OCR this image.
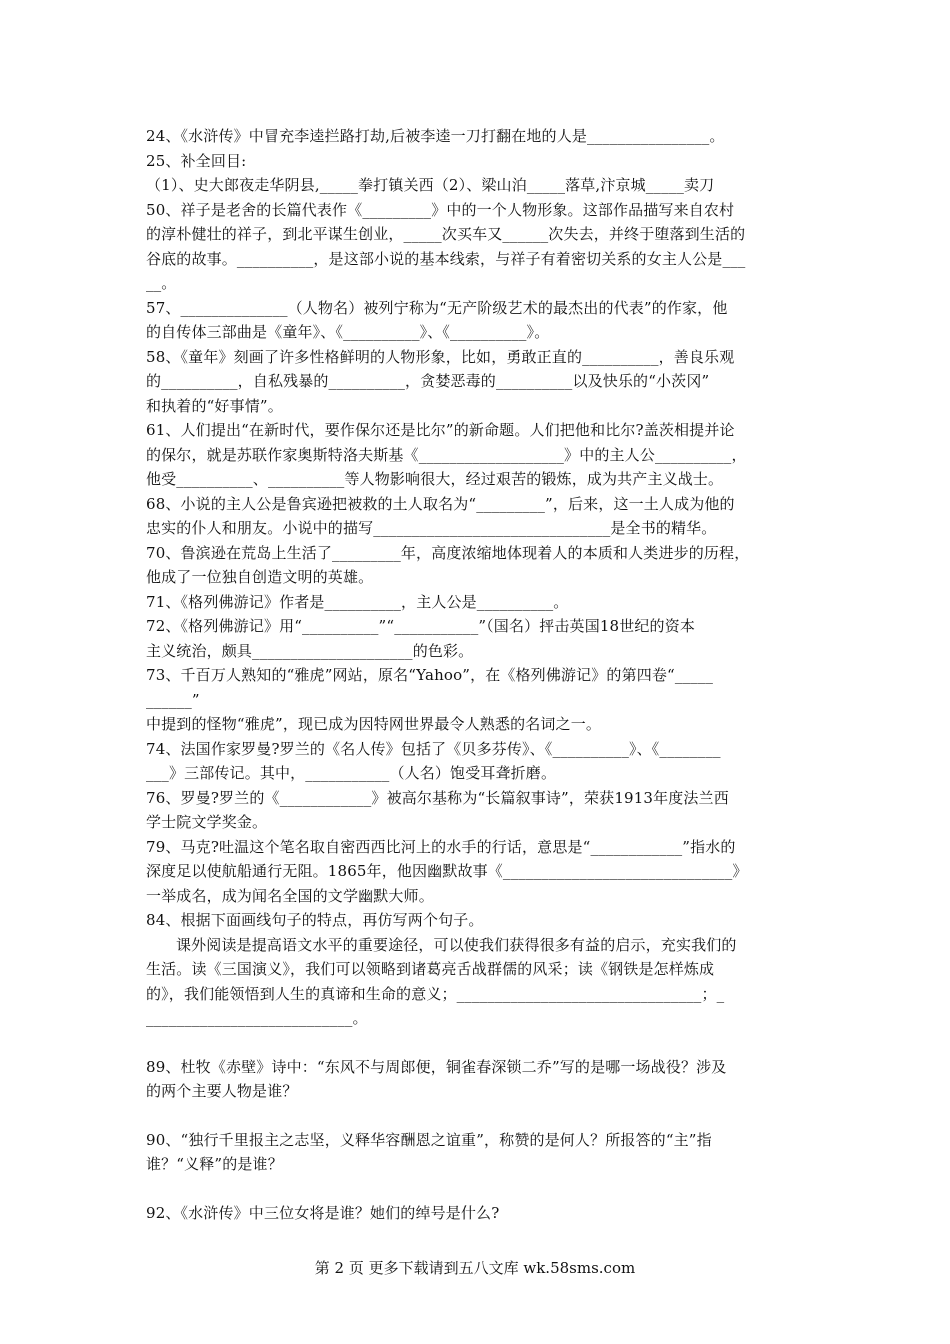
24、《水浒传》中冒充李逵拦路打劫,后被李逵一刀打翻在地的人是________________。
25、补全回目:
（1）、史大郎夜走华阴县,_____拳打镇关西（2）、梁山泊_____落草,汴京城_____卖刀
50、祥子是老舍的长篇代表作《_________》中的一个人物形象。这部作品描写来自农村
的淳朴健壮的祥子，到北平谋生创业，_____次买车又______次失去，并终于堕落到生活的
谷底的故事。__________，是这部小说的基本线索，与祥子有着密切关系的女主人公是___
__。
57、______________（人物名）被列宁称为“无产阶级艺术的最杰出的代表”的作家，他
的自传体三部曲是《童年》、《__________》、《__________》。
58、《童年》刻画了许多性格鲜明的人物形象，比如，勇敢正直的__________，善良乐观
的__________，自私残暴的__________，贪婪恶毒的__________以及快乐的“小茨冈”
和执着的“好事情”。
61、人们提出“在新时代，要作保尔还是比尔”的新命题。人们把他和比尔?盖茨相提并论
的保尔，就是苏联作家奥斯特洛夫斯基《___________________》中的主人公__________，
他受__________、__________等人物影响很大，经过艰苦的锻炼，成为共产主义战士。
68、小说的主人公是鲁宾逊把被救的土人取名为“_________”，后来，这一土人成为他的
忠实的仆人和朋友。小说中的描写_______________________________是全书的精华。
70、鲁滨逊在荒岛上生活了_________年，高度浓缩地体现着人的本质和人类进步的历程，
他成了一位独自创造文明的英雄。
71、《格列佛游记》作者是__________，主人公是__________。
72、《格列佛游记》用“__________”“___________”（国名）抨击英国18世纪的资本
主义统治，颇具_____________________的色彩。
73、千百万人熟知的“雅虎”网站，原名“Yahoo”，在《格列佛游记》的第四卷“_____
______”
中提到的怪物“雅虎”，现已成为因特网世界最令人熟悉的名词之一。
74、法国作家罗曼?罗兰的《名人传》包括了《贝多芬传》、《__________》、《________
___》三部传记。其中，___________（人名）饱受耳聋折磨。
76、罗曼?罗兰的《____________》被高尔基称为“长篇叙事诗”，荣获1913年度法兰西
学士院文学奖金。
79、马克?吐温这个笔名取自密西西比河上的水手的行话，意思是“____________”指水的
深度足以使航船通行无阻。1865年，他因幽默故事《______________________________》
一举成名，成为闻名全国的文学幽默大师。
84、根据下面画线句子的特点，再仿写两个句子。
课外阅读是提高语文水平的重要途径，可以使我们获得很多有益的启示，充实我们的
生活。读《三国演义》，我们可以领略到诸葛亮舌战群儒的风采；读《钢铁是怎样炼成
的》，我们能领悟到人生的真谛和生命的意义；________________________________；_
___________________________。
89、杜牧《赤壁》诗中：“东风不与周郎便，铜雀春深锁二乔”写的是哪一场战役？涉及
的两个主要人物是谁？
90、“独行千里报主之志坚，义释华容酬恩之谊重”，称赞的是何人？所报答的“主”指
谁？“义释”的是谁？
92、《水浒传》中三位女将是谁？她们的绰号是什么?
第 2 页 更多下载请到五八文库 wk.58sms.com
